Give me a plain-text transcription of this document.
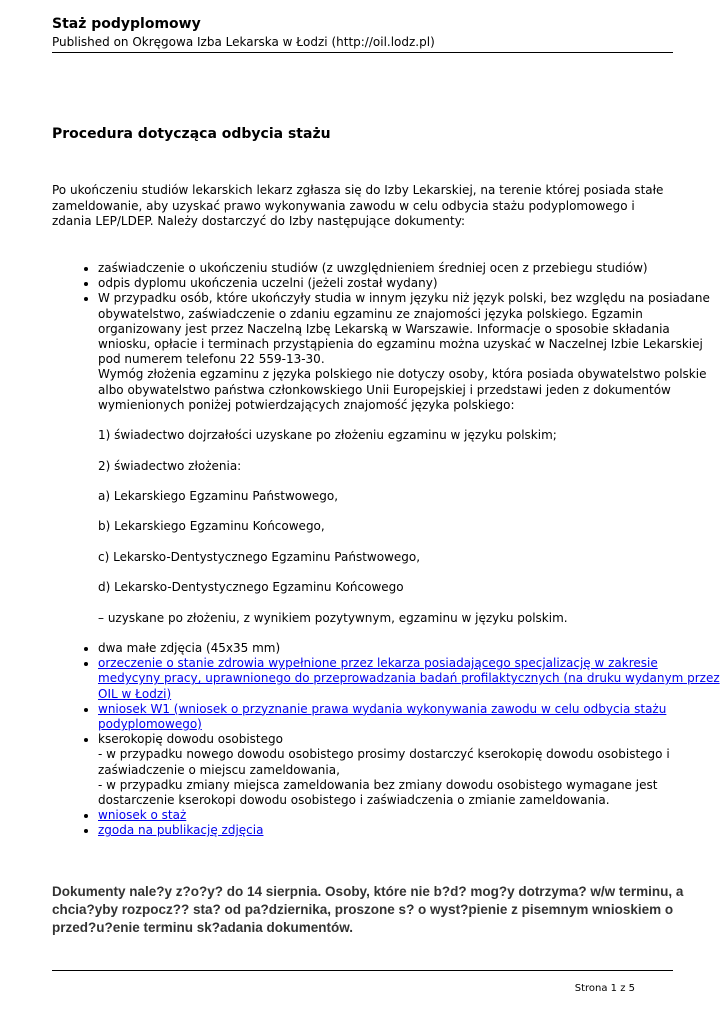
Staż podyplomowy
Published on Okręgowa Izba Lekarska w Łodzi (http://oil.lodz.pl)
Procedura dotycząca odbycia stażu

Po ukończeniu studiów lekarskich lekarz zgłasza się do Izby Lekarskiej, na terenie której posiada stałe zameldowanie, aby uzyskać prawo wykonywania zawodu w celu odbycia stażu podyplomowego i zdania LEP/LDEP. Należy dostarczyć do Izby następujące dokumenty:

• zaświadczenie o ukończeniu studiów (z uwzględnieniem średniej ocen z przebiegu studiów)
• odpis dyplomu ukończenia uczelni (jeżeli został wydany)
• W przypadku osób, które ukończyły studia w innym języku niż język polski, bez względu na posiadane obywatelstwo, zaświadczenie o zdaniu egzaminu ze znajomości języka polskiego. Egzamin organizowany jest przez Naczelną Izbę Lekarską w Warszawie. Informacje o sposobie składania wniosku, opłacie i terminach przystąpienia do egzaminu można uzyskać w Naczelnej Izbie Lekarskiej pod numerem telefonu 22 559-13-30.
Wymóg złożenia egzaminu z języka polskiego nie dotyczy osoby, która posiada obywatelstwo polskie albo obywatelstwo państwa członkowskiego Unii Europejskiej i przedstawi jeden z dokumentów wymienionych poniżej potwierdzających znajomość języka polskiego:
1) świadectwo dojrzałości uzyskane po złożeniu egzaminu w języku polskim;
2) świadectwo złożenia:
a) Lekarskiego Egzaminu Państwowego,
b) Lekarskiego Egzaminu Końcowego,
c) Lekarsko-Dentystycznego Egzaminu Państwowego,
d) Lekarsko-Dentystycznego Egzaminu Końcowego
– uzyskane po złożeniu, z wynikiem pozytywnym, egzaminu w języku polskim.
• dwa małe zdjęcia (45x35 mm)
• orzeczenie o stanie zdrowia wypełnione przez lekarza posiadającego specjalizację w zakresie medycyny pracy, uprawnionego do przeprowadzania badań profilaktycznych (na druku wydanym przez OIL w Łodzi)
• wniosek W1 (wniosek o przyznanie prawa wydania wykonywania zawodu w celu odbycia stażu podyplomowego)
• kserokopię dowodu osobistego
- w przypadku nowego dowodu osobistego prosimy dostarczyć kserokopię dowodu osobistego i zaświadczenie o miejscu zameldowania,
- w przypadku zmiany miejsca zameldowania bez zmiany dowodu osobistego wymagane jest dostarczenie kserokopi dowodu osobistego i zaświadczenia o zmianie zameldowania.
• wniosek o staż
• zgoda na publikację zdjęcia

Dokumenty nale?y z?o?y? do 14 sierpnia. Osoby, które nie b?d? mog?y dotrzyma? w/w terminu, a chcia?yby rozpocz?? sta? od pa?dziernika, proszone s? o wyst?pienie z pisemnym wnioskiem o przed?u?enie terminu sk?adania dokumentów.

Strona 1 z 5
